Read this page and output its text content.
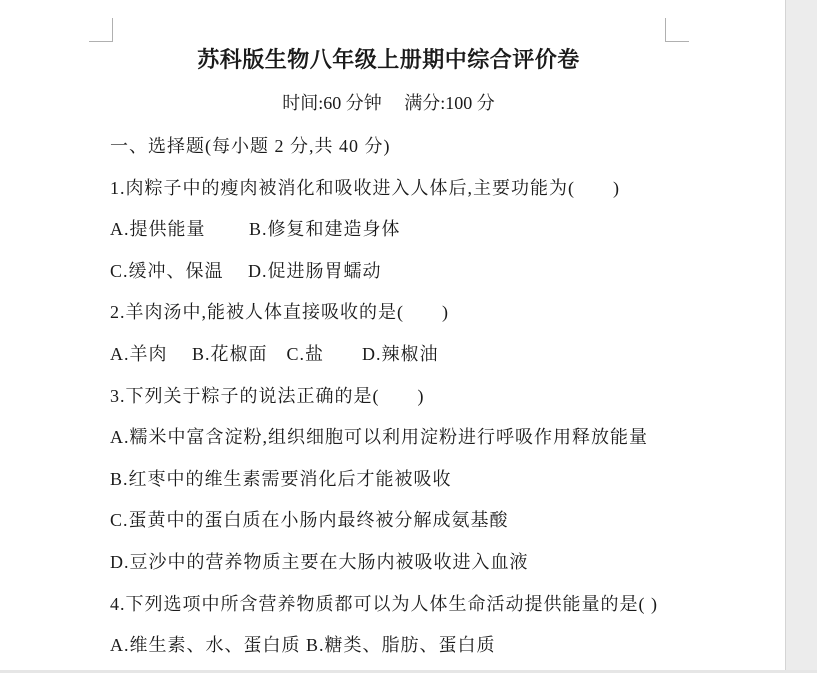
苏科版生物八年级上册期中综合评价卷

时间:60 分钟　 满分:100 分

一、选择题(每小题 2 分,共 40 分)

1.肉粽子中的瘦肉被消化和吸收进入人体后,主要功能为(　　)

A.提供能量　　 B.修复和建造身体

C.缓冲、保温　 D.促进肠胃蠕动

2.羊肉汤中,能被人体直接吸收的是(　　)

A.羊肉　 B.花椒面　C.盐　　D.辣椒油

3.下列关于粽子的说法正确的是(　　)

A.糯米中富含淀粉,组织细胞可以利用淀粉进行呼吸作用释放能量

B.红枣中的维生素需要消化后才能被吸收

C.蛋黄中的蛋白质在小肠内最终被分解成氨基酸

D.豆沙中的营养物质主要在大肠内被吸收进入血液

4.下列选项中所含营养物质都可以为人体生命活动提供能量的是( )

A.维生素、水、蛋白质 B.糖类、脂肪、蛋白质
